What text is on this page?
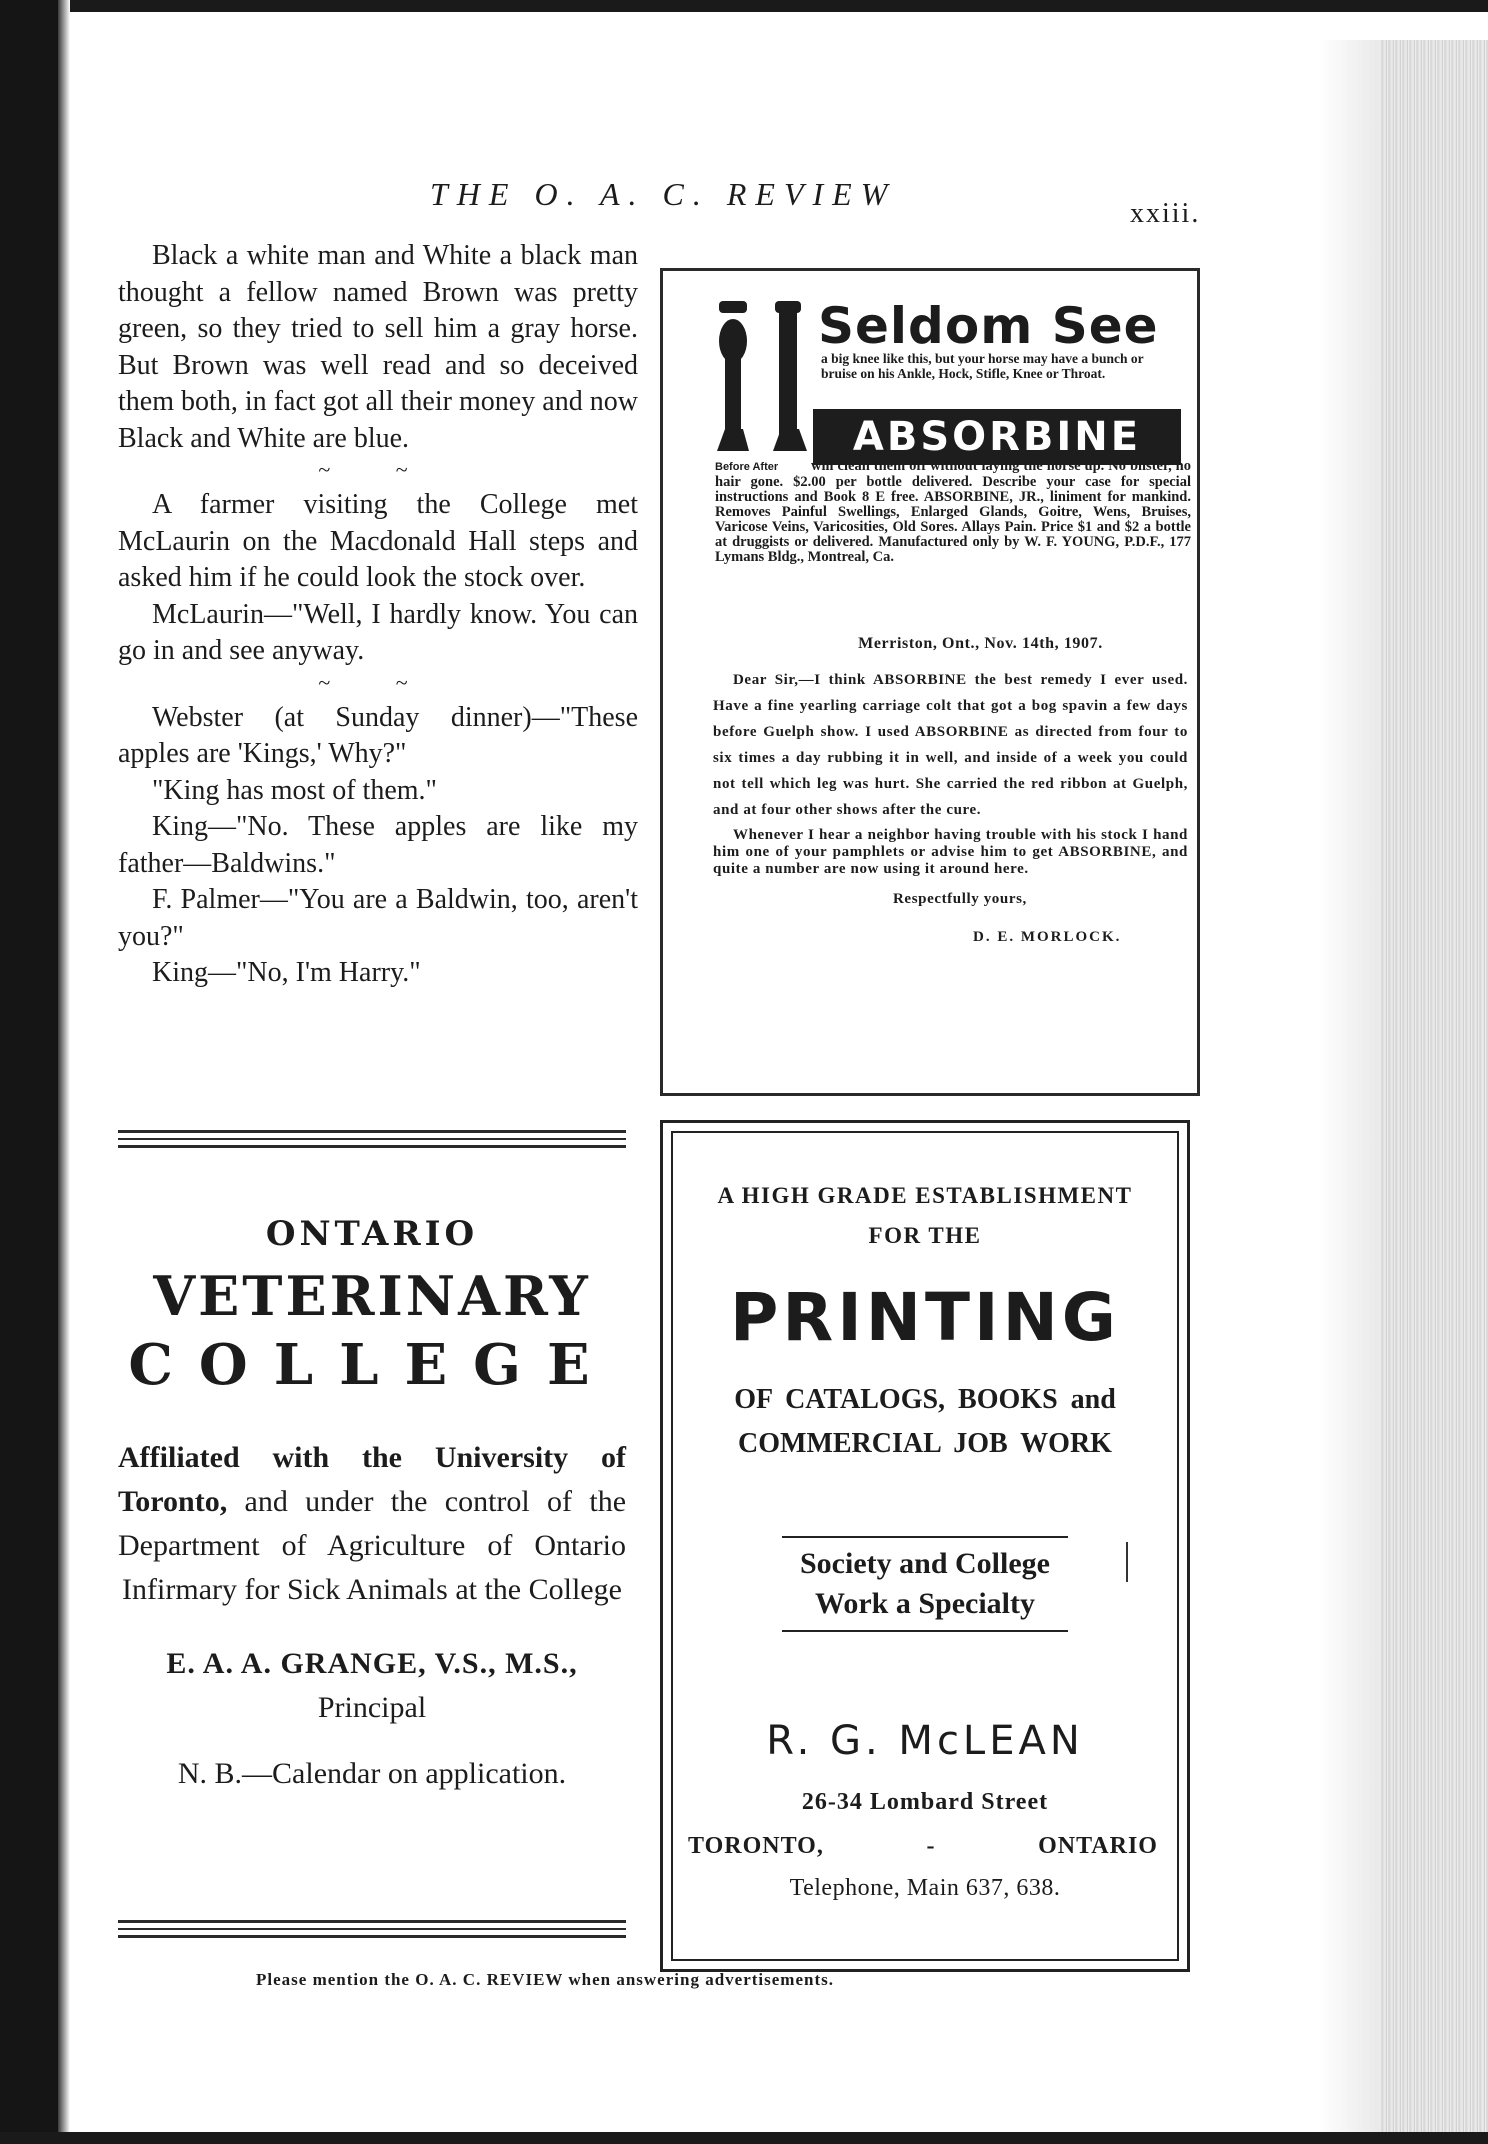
THE O. A. C. REVIEW
xxiii.

Black a white man and White a black man thought a fellow named Brown was pretty green, so they tried to sell him a gray horse. But Brown was well read and so deceived them both, in fact got all their money and now Black and White are blue.

~ ~

A farmer visiting the College met McLaurin on the Macdonald Hall steps and asked him if he could look the stock over.

McLaurin—"Well, I hardly know. You can go in and see anyway.

~ ~

Webster (at Sunday dinner)—"These apples are 'Kings,' Why?"

"King has most of them."

King—"No. These apples are like my father—Baldwins."

F. Palmer—"You are a Baldwin, too, aren't you?"

King—"No, I'm Harry."

Seldom See
a big knee like this, but your horse may have a bunch or bruise on his Ankle, Hock, Stifle, Knee or Throat.
ABSORBINE
Before After will clean them off without laying the horse up. No blister, no hair gone. $2.00 per bottle delivered. Describe your case for special instructions and Book 8 E free. ABSORBINE, JR., liniment for mankind. Removes Painful Swellings, Enlarged Glands, Goitre, Wens, Bruises, Varicose Veins, Varicosities, Old Sores. Allays Pain. Price $1 and $2 a bottle at druggists or delivered. Manufactured only by W. F. YOUNG, P.D.F., 177 Lymans Bldg., Montreal, Ca.

Merriston, Ont., Nov. 14th, 1907.

Dear Sir,—I think ABSORBINE the best remedy I ever used. Have a fine yearling carriage colt that got a bog spavin a few days before Guelph show. I used ABSORBINE as directed from four to six times a day rubbing it in well, and inside of a week you could not tell which leg was hurt. She carried the red ribbon at Guelph, and at four other shows after the cure.

Whenever I hear a neighbor having trouble with his stock I hand him one of your pamphlets or advise him to get ABSORBINE, and quite a number are now using it around here.

Respectfully yours,

D. E. MORLOCK.

ONTARIO
VETERINARY
COLLEGE
Affiliated with the University of Toronto, and under the control of the Department of Agriculture of Ontario Infirmary for Sick Animals at the College
E. A. A. GRANGE, V.S., M.S.,
Principal
N. B.—Calendar on application.
A HIGH GRADE ESTABLISHMENT
FOR THE
PRINTING
OF CATALOGS, BOOKS and
COMMERCIAL JOB WORK
Society and College
Work a Specialty
R. G. McLEAN
26-34 Lombard Street
TORONTO,	-	ONTARIO
Telephone, Main 637, 638.
Please mention the O. A. C. REVIEW when answering advertisements.
